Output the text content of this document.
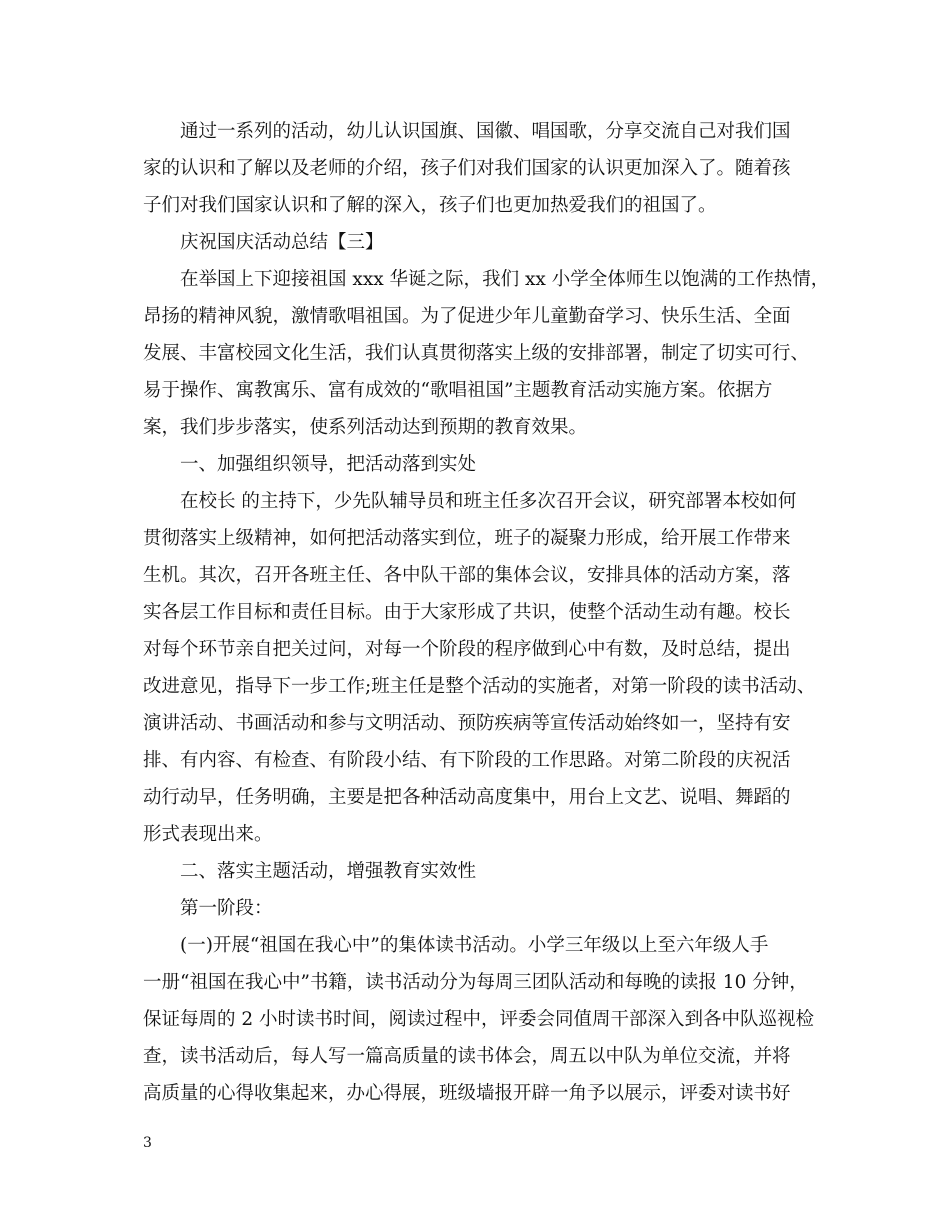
通过一系列的活动，幼儿认识国旗、国徽、唱国歌，分享交流自己对我们国
家的认识和了解以及老师的介绍，孩子们对我们国家的认识更加深入了。随着孩
子们对我们国家认识和了解的深入，孩子们也更加热爱我们的祖国了。
庆祝国庆活动总结【三】
在举国上下迎接祖国 xxx 华诞之际，我们 xx 小学全体师生以饱满的工作热情，
昂扬的精神风貌，激情歌唱祖国。为了促进少年儿童勤奋学习、快乐生活、全面
发展、丰富校园文化生活，我们认真贯彻落实上级的安排部署，制定了切实可行、
易于操作、寓教寓乐、富有成效的“歌唱祖国”主题教育活动实施方案。依据方
案，我们步步落实，使系列活动达到预期的教育效果。
一、加强组织领导，把活动落到实处
在校长 的主持下，少先队辅导员和班主任多次召开会议，研究部署本校如何
贯彻落实上级精神，如何把活动落实到位，班子的凝聚力形成，给开展工作带来
生机。其次，召开各班主任、各中队干部的集体会议，安排具体的活动方案，落
实各层工作目标和责任目标。由于大家形成了共识，使整个活动生动有趣。校长
对每个环节亲自把关过问，对每一个阶段的程序做到心中有数，及时总结，提出
改进意见，指导下一步工作;班主任是整个活动的实施者，对第一阶段的读书活动、
演讲活动、书画活动和参与文明活动、预防疾病等宣传活动始终如一，坚持有安
排、有内容、有检查、有阶段小结、有下阶段的工作思路。对第二阶段的庆祝活
动行动早，任务明确，主要是把各种活动高度集中，用台上文艺、说唱、舞蹈的
形式表现出来。
二、落实主题活动，增强教育实效性
第一阶段：
(一)开展“祖国在我心中”的集体读书活动。小学三年级以上至六年级人手
一册“祖国在我心中”书籍，读书活动分为每周三团队活动和每晚的读报 10 分钟，
保证每周的 2 小时读书时间，阅读过程中，评委会同值周干部深入到各中队巡视检
查，读书活动后，每人写一篇高质量的读书体会，周五以中队为单位交流，并将
高质量的心得收集起来，办心得展，班级墙报开辟一角予以展示，评委对读书好
3
